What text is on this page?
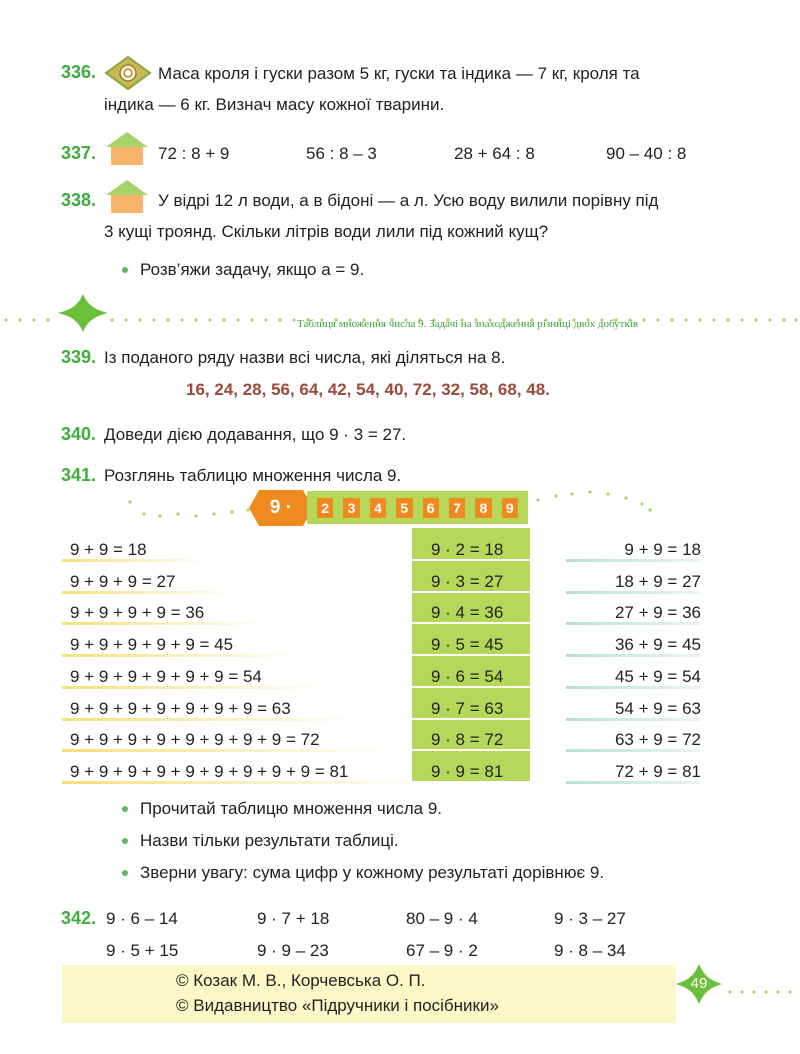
336.	Маса кроля і гуски разом 5 кг, гуски та індика — 7 кг, кроля та
індика — 6 кг. Визнач масу кожної тварини.
337.	72 : 8 + 9	56 : 8 – 3	28 + 64 : 8	90 – 40 : 8
338.	У відрі 12 л води, а в бідоні — a л. Усю воду вилили порівну під
3 кущі троянд. Скільки літрів води лили під кожний кущ?
Розв’яжи задачу, якщо a = 9.
Таблиця множення числа 9. Задачі на знаходження різниці двох добутків
339. Із поданого ряду назви всі числа, які діляться на 8.
16, 24, 28, 56, 64, 42, 54, 40, 72, 32, 58, 68, 48.
340. Доведи дією додавання, що 9 · 3 = 27.
341. Розглянь таблицю множення числа 9.
9 ·	2	3	4	5	6	7	8	9
9 + 9 = 18	9 · 2 = 18	9 + 9 = 18
9 + 9 + 9 = 27	9 · 3 = 27	18 + 9 = 27
9 + 9 + 9 + 9 = 36	9 · 4 = 36	27 + 9 = 36
9 + 9 + 9 + 9 + 9 = 45	9 · 5 = 45	36 + 9 = 45
9 + 9 + 9 + 9 + 9 + 9 = 54	9 · 6 = 54	45 + 9 = 54
9 + 9 + 9 + 9 + 9 + 9 + 9 = 63	9 · 7 = 63	54 + 9 = 63
9 + 9 + 9 + 9 + 9 + 9 + 9 + 9 = 72	9 · 8 = 72	63 + 9 = 72
9 + 9 + 9 + 9 + 9 + 9 + 9 + 9 + 9 = 81	9 · 9 = 81	72 + 9 = 81
Прочитай таблицю множення числа 9.
Назви тільки результати таблиці.
Зверни увагу: сума цифр у кожному результаті дорівнює 9.
342. 9 · 6 – 14	9 · 7 + 18	80 – 9 · 4	9 · 3 – 27
9 · 5 + 15	9 · 9 – 23	67 – 9 · 2	9 · 8 – 34
© Козак М. В., Корчевська О. П.
© Видавництво «Підручники і посібники»
49
